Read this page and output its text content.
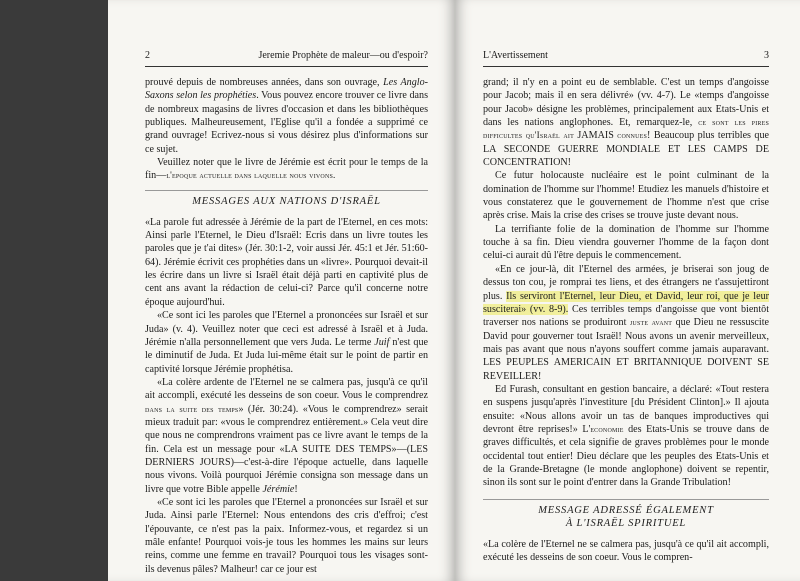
2	Jeremie Prophète de maleur—ou d'espoir?

prouvé depuis de nombreuses années, dans son ouvrage, Les Anglo-Saxons selon les prophéties. Vous pouvez encore trouver ce livre dans de nombreux magasins de livres d'occasion et dans les bibliothèques publiques. Malheureusement, l'Eglise qu'il a fondée a supprimé ce grand ouvrage! Ecrivez-nous si vous désirez plus d'informations sur ce sujet.

Veuillez noter que le livre de Jérémie est écrit pour le temps de la fin—l'epoque actuelle dans laquelle nous vivons.

MESSAGES AUX NATIONS D'ISRAËL

«La parole fut adressée à Jérémie de la part de l'Eternel, en ces mots: Ainsi parle l'Eternel, le Dieu d'Israël: Ecris dans un livre toutes les paroles que je t'ai dites» (Jér. 30:1-2, voir aussi Jér. 45:1 et Jér. 51:60-64). Jérémie écrivit ces prophéties dans un «livre». Pourquoi devait-il les écrire dans un livre si Israël était déjà parti en captivité plus de cent ans avant la rédaction de celui-ci? Parce qu'il concerne notre époque aujourd'hui.

«Ce sont ici les paroles que l'Eternel a prononcées sur Israël et sur Juda» (v. 4). Veuillez noter que ceci est adressé à Israël et à Juda. Jérémie n'alla personnellement que vers Juda. Le terme Juif n'est que le diminutif de Juda. Et Juda lui-même était sur le point de partir en captivité lorsque Jérémie prophétisa.

«La colère ardente de l'Eternel ne se calmera pas, jusqu'à ce qu'il ait accompli, exécuté les desseins de son coeur. Vous le comprendrez dans la suite des temps» (Jér. 30:24). «Vous le comprendrez» serait mieux traduit par: «vous le comprendrez entièrement.» Cela veut dire que nous ne comprendrons vraiment pas ce livre avant le temps de la fin. Cela est un message pour «LA SUITE DES TEMPS»—(LES DERNIERS JOURS)—c'est-à-dire l'époque actuelle, dans laquelle nous vivons. Voilà pourquoi Jérémie consigna son message dans un livre que votre Bible appelle Jérémie!

«Ce sont ici les paroles que l'Eternel a prononcées sur Israël et sur Juda. Ainsi parle l'Eternel: Nous entendons des cris d'effroi; c'est l'épouvante, ce n'est pas la paix. Informez-vous, et regardez si un mâle enfante! Pourquoi vois-je tous les hommes les mains sur leurs reins, comme une femme en travail? Pourquoi tous les visages sont-ils devenus pâles? Malheur! car ce jour est

L'Avertissement	3

grand; il n'y en a point eu de semblable. C'est un temps d'angoisse pour Jacob; mais il en sera délivré» (vv. 4-7). Le «temps d'angoisse pour Jacob» désigne les problèmes, principalement aux Etats-Unis et dans les nations anglophones. Et, remarquez-le, ce sont les pires difficultes qu'Israël ait JAMAIS connues! Beaucoup plus terribles que LA SECONDE GUERRE MONDIALE ET LES CAMPS DE CONCENTRATION!

Ce futur holocauste nucléaire est le point culminant de la domination de l'homme sur l'homme! Etudiez les manuels d'histoire et vous constaterez que le gouvernement de l'homme n'est que crise après crise. Mais la crise des crises se trouve juste devant nous.

La terrifiante folie de la domination de l'homme sur l'homme touche à sa fin. Dieu viendra gouverner l'homme de la façon dont celui-ci aurait dû l'être depuis le commencement.

«En ce jour-là, dit l'Eternel des armées, je briserai son joug de dessus ton cou, je romprai tes liens, et des étrangers ne t'assujettiront plus. Ils serviront l'Eternel, leur Dieu, et David, leur roi, que je leur susciterai» (vv. 8-9). Ces terribles temps d'angoisse que vont bientôt traverser nos nations se produiront juste avant que Dieu ne ressuscite David pour gouverner tout Israël! Nous avons un avenir merveilleux, mais pas avant que nous n'ayons souffert comme jamais auparavant. LES PEUPLES AMERICAIN ET BRITANNIQUE DOIVENT SE REVEILLER!

Ed Furash, consultant en gestion bancaire, a déclaré: «Tout restera en suspens jusqu'après l'investiture [du Président Clinton].» Il ajouta ensuite: «Nous allons avoir un tas de banques improductives qui devront être reprises!» L'economie des Etats-Unis se trouve dans de graves difficultés, et cela signifie de graves problèmes pour le monde occidental tout entier! Dieu déclare que les peuples des Etats-Unis et de la Grande-Bretagne (le monde anglophone) doivent se repentir, sinon ils sont sur le point d'entrer dans la Grande Tribulation!

MESSAGE ADRESSÉ ÉGALEMENT
À L'ISRAËL SPIRITUEL

«La colère de l'Eternel ne se calmera pas, jusqu'à ce qu'il ait accompli, exécuté les desseins de son coeur. Vous le compren-
